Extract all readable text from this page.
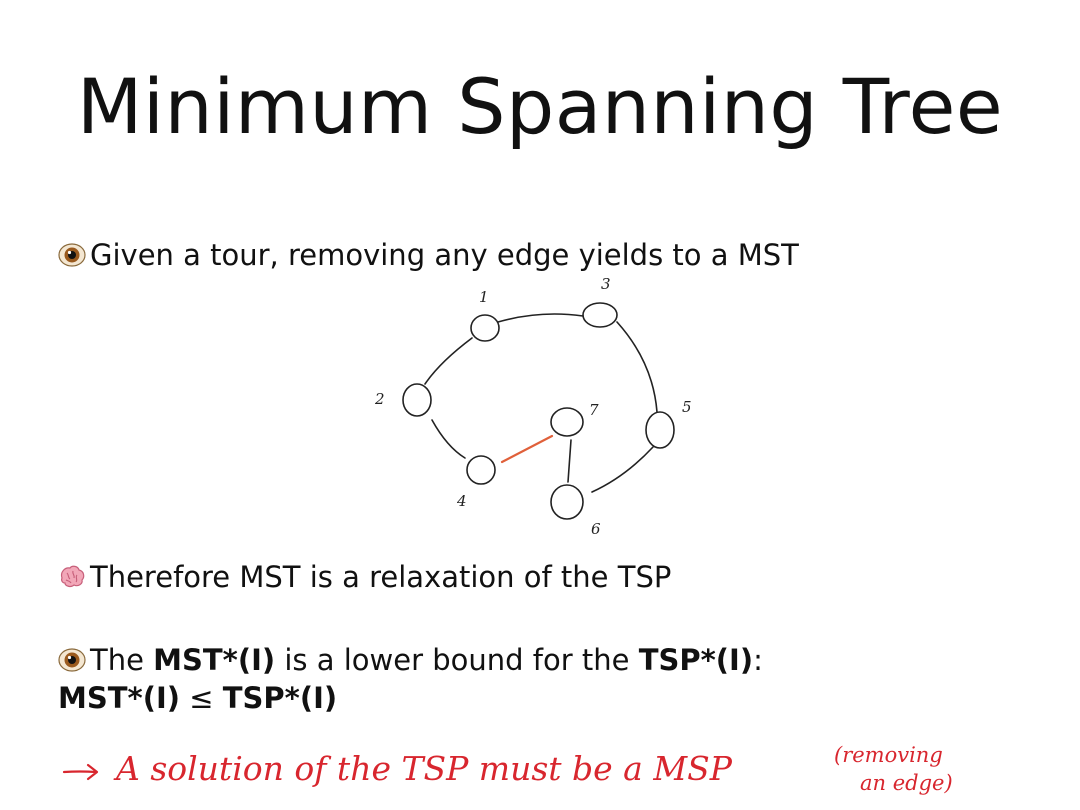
Minimum Spanning Tree
Given a tour, removing any edge yields to a MST
1
2
3
4
5
6
7
Therefore MST is a relaxation of the TSP
The MST*(I) is a lower bound for the TSP*(I):
MST*(I) ≤ TSP*(I)
A solution of the TSP must be a MSP	(removing
an edge)
